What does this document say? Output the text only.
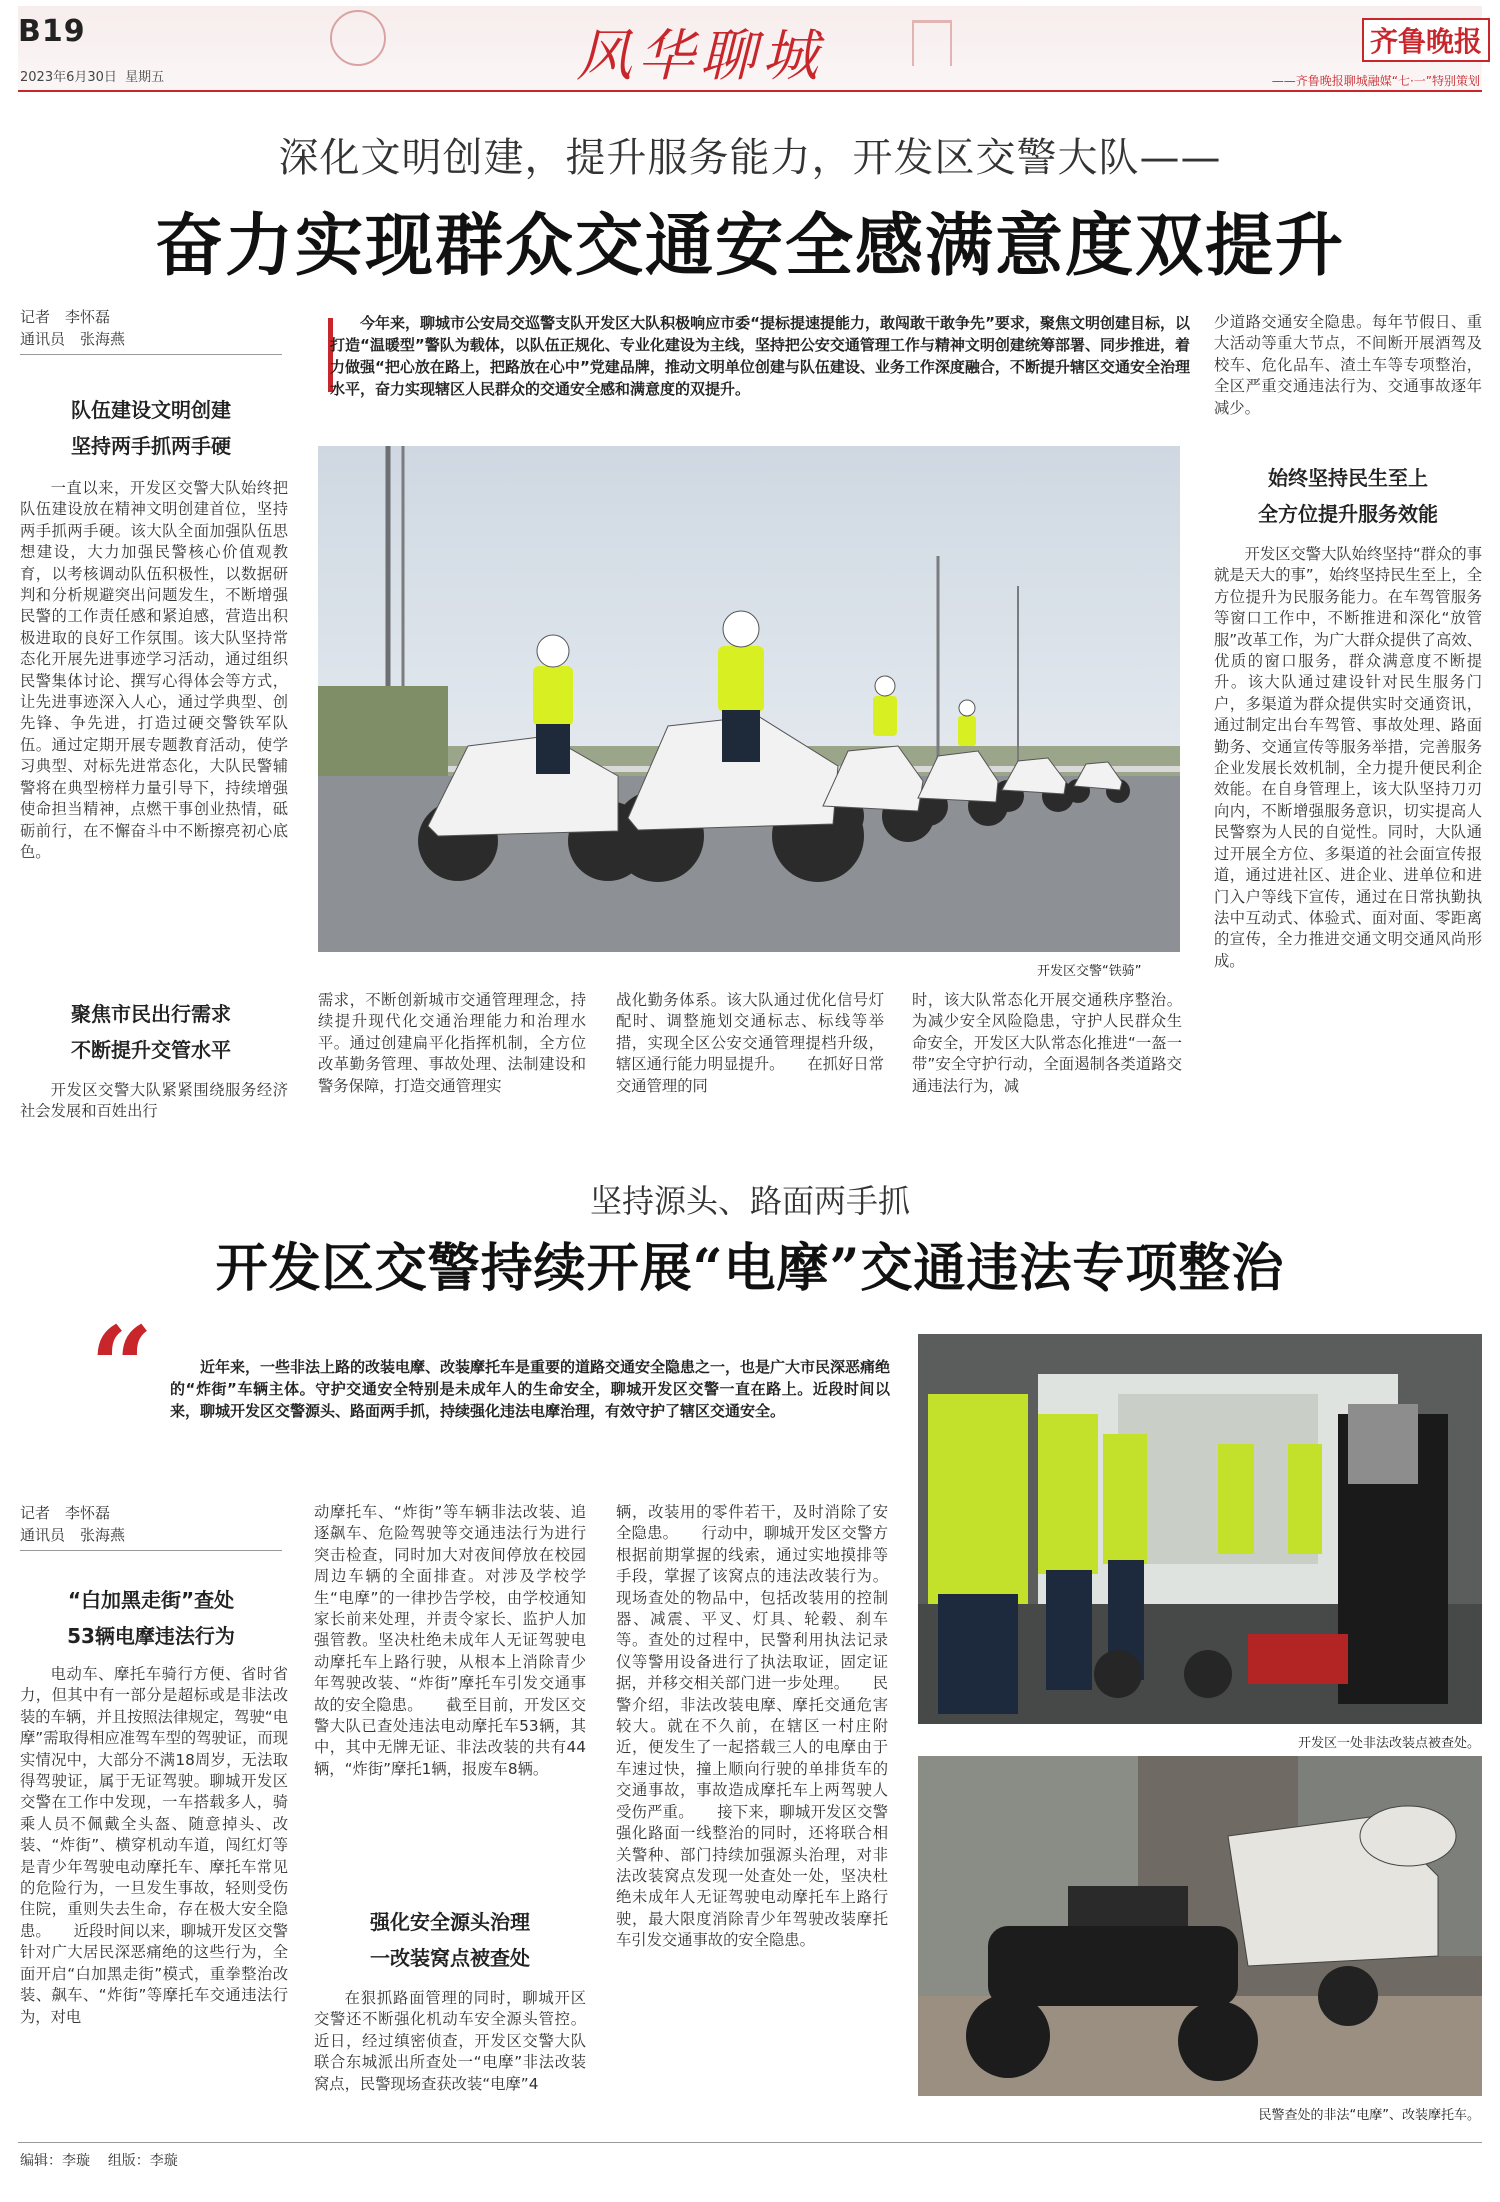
B19
2023年6月30日 星期五	风华聊城	齐鲁晚报
——齐鲁晚报聊城融媒“七·一”特别策划
深化文明创建，提升服务能力，开发区交警大队——
奋力实现群众交通安全感满意度双提升
记者　李怀磊
通讯员　张海燕
队伍建设文明创建
坚持两手抓两手硬
一直以来，开发区交警大队始终把队伍建设放在精神文明创建首位，坚持两手抓两手硬。该大队全面加强队伍思想建设，大力加强民警核心价值观教育，以考核调动队伍积极性，以数据研判和分析规避突出问题发生，不断增强民警的工作责任感和紧迫感，营造出积极进取的良好工作氛围。该大队坚持常态化开展先进事迹学习活动，通过组织民警集体讨论、撰写心得体会等方式，让先进事迹深入人心，通过学典型、创先锋、争先进，打造过硬交警铁军队伍。通过定期开展专题教育活动，使学习典型、对标先进常态化，大队民警辅警将在典型榜样力量引导下，持续增强使命担当精神，点燃干事创业热情，砥砺前行，在不懈奋斗中不断擦亮初心底色。
聚焦市民出行需求
不断提升交管水平
开发区交警大队紧紧围绕服务经济社会发展和百姓出行
今年来，聊城市公安局交巡警支队开发区大队积极响应市委“提标提速提能力，敢闯敢干敢争先”要求，聚焦文明创建目标，以打造“温暖型”警队为载体，以队伍正规化、专业化建设为主线，坚持把公安交通管理工作与精神文明创建统筹部署、同步推进，着力做强“把心放在路上，把路放在心中”党建品牌，推动文明单位创建与队伍建设、业务工作深度融合，不断提升辖区交通安全治理水平，奋力实现辖区人民群众的交通安全感和满意度的双提升。
开发区交警“铁骑”
需求，不断创新城市交通管理理念，持续提升现代化交通治理能力和治理水平。通过创建扁平化指挥机制，全方位改革勤务管理、事故处理、法制建设和警务保障，打造交通管理实
战化勤务体系。该大队通过优化信号灯配时、调整施划交通标志、标线等举措，实现全区公安交通管理提档升级，辖区通行能力明显提升。　　在抓好日常交通管理的同
时，该大队常态化开展交通秩序整治。为减少安全风险隐患，守护人民群众生命安全，开发区大队常态化推进“一盔一带”安全守护行动，全面遏制各类道路交通违法行为，减
少道路交通安全隐患。每年节假日、重大活动等重大节点，不间断开展酒驾及校车、危化品车、渣土车等专项整治，全区严重交通违法行为、交通事故逐年减少。
始终坚持民生至上
全方位提升服务效能
开发区交警大队始终坚持“群众的事就是天大的事”，始终坚持民生至上，全方位提升为民服务能力。在车驾管服务等窗口工作中，不断推进和深化“放管服”改革工作，为广大群众提供了高效、优质的窗口服务，群众满意度不断提升。该大队通过建设针对民生服务门户，多渠道为群众提供实时交通资讯，通过制定出台车驾管、事故处理、路面勤务、交通宣传等服务举措，完善服务企业发展长效机制，全力提升便民利企效能。在自身管理上，该大队坚持刀刃向内，不断增强服务意识，切实提高人民警察为人民的自觉性。同时，大队通过开展全方位、多渠道的社会面宣传报道，通过进社区、进企业、进单位和进门入户等线下宣传，通过在日常执勤执法中互动式、体验式、面对面、零距离的宣传，全力推进交通文明交通风尚形成。
坚持源头、路面两手抓
开发区交警持续开展“电摩”交通违法专项整治
“	近年来，一些非法上路的改装电摩、改装摩托车是重要的道路交通安全隐患之一，也是广大市民深恶痛绝的“炸街”车辆主体。守护交通安全特别是未成年人的生命安全，聊城开发区交警一直在路上。近段时间以来，聊城开发区交警源头、路面两手抓，持续强化违法电摩治理，有效守护了辖区交通安全。
记者　李怀磊
通讯员　张海燕
“白加黑走街”查处
53辆电摩违法行为
电动车、摩托车骑行方便、省时省力，但其中有一部分是超标或是非法改装的车辆，并且按照法律规定，驾驶“电摩”需取得相应准驾车型的驾驶证，而现实情况中，大部分不满18周岁，无法取得驾驶证，属于无证驾驶。聊城开发区交警在工作中发现，一车搭载多人，骑乘人员不佩戴全头盔、随意掉头、改装、“炸街”、横穿机动车道，闯红灯等是青少年驾驶电动摩托车、摩托车常见的危险行为，一旦发生事故，轻则受伤住院，重则失去生命，存在极大安全隐患。　　近段时间以来，聊城开发区交警针对广大居民深恶痛绝的这些行为，全面开启“白加黑走街”模式，重拳整治改装、飙车、“炸街”等摩托车交通违法行为，对电
动摩托车、“炸街”等车辆非法改装、追逐飙车、危险驾驶等交通违法行为进行突击检查，同时加大对夜间停放在校园周边车辆的全面排查。对涉及学校学生“电摩”的一律抄告学校，由学校通知家长前来处理，并责令家长、监护人加强管教。坚决杜绝未成年人无证驾驶电动摩托车上路行驶，从根本上消除青少年驾驶改装、“炸街”摩托车引发交通事故的安全隐患。　　截至目前，开发区交警大队已查处违法电动摩托车53辆，其中，其中无牌无证、非法改装的共有44辆，“炸街”摩托1辆，报废车8辆。
强化安全源头治理
一改装窝点被查处
在狠抓路面管理的同时，聊城开区交警还不断强化机动车安全源头管控。近日，经过缜密侦查，开发区交警大队联合东城派出所查处一“电摩”非法改装窝点，民警现场查获改装“电摩”4
辆，改装用的零件若干，及时消除了安全隐患。　　行动中，聊城开发区交警方根据前期掌握的线索，通过实地摸排等手段，掌握了该窝点的违法改装行为。现场查处的物品中，包括改装用的控制器、减震、平叉、灯具、轮毂、刹车等。查处的过程中，民警利用执法记录仪等警用设备进行了执法取证，固定证据，并移交相关部门进一步处理。　　民警介绍，非法改装电摩、摩托交通危害较大。就在不久前，在辖区一村庄附近，便发生了一起搭载三人的电摩由于车速过快，撞上顺向行驶的单排货车的交通事故，事故造成摩托车上两驾驶人受伤严重。　　接下来，聊城开发区交警强化路面一线整治的同时，还将联合相关警种、部门持续加强源头治理，对非法改装窝点发现一处查处一处，坚决杜绝未成年人无证驾驶电动摩托车上路行驶，最大限度消除青少年驾驶改装摩托车引发交通事故的安全隐患。
开发区一处非法改装点被查处。
民警查处的非法“电摩”、改装摩托车。
编辑：李璇 组版：李璇
